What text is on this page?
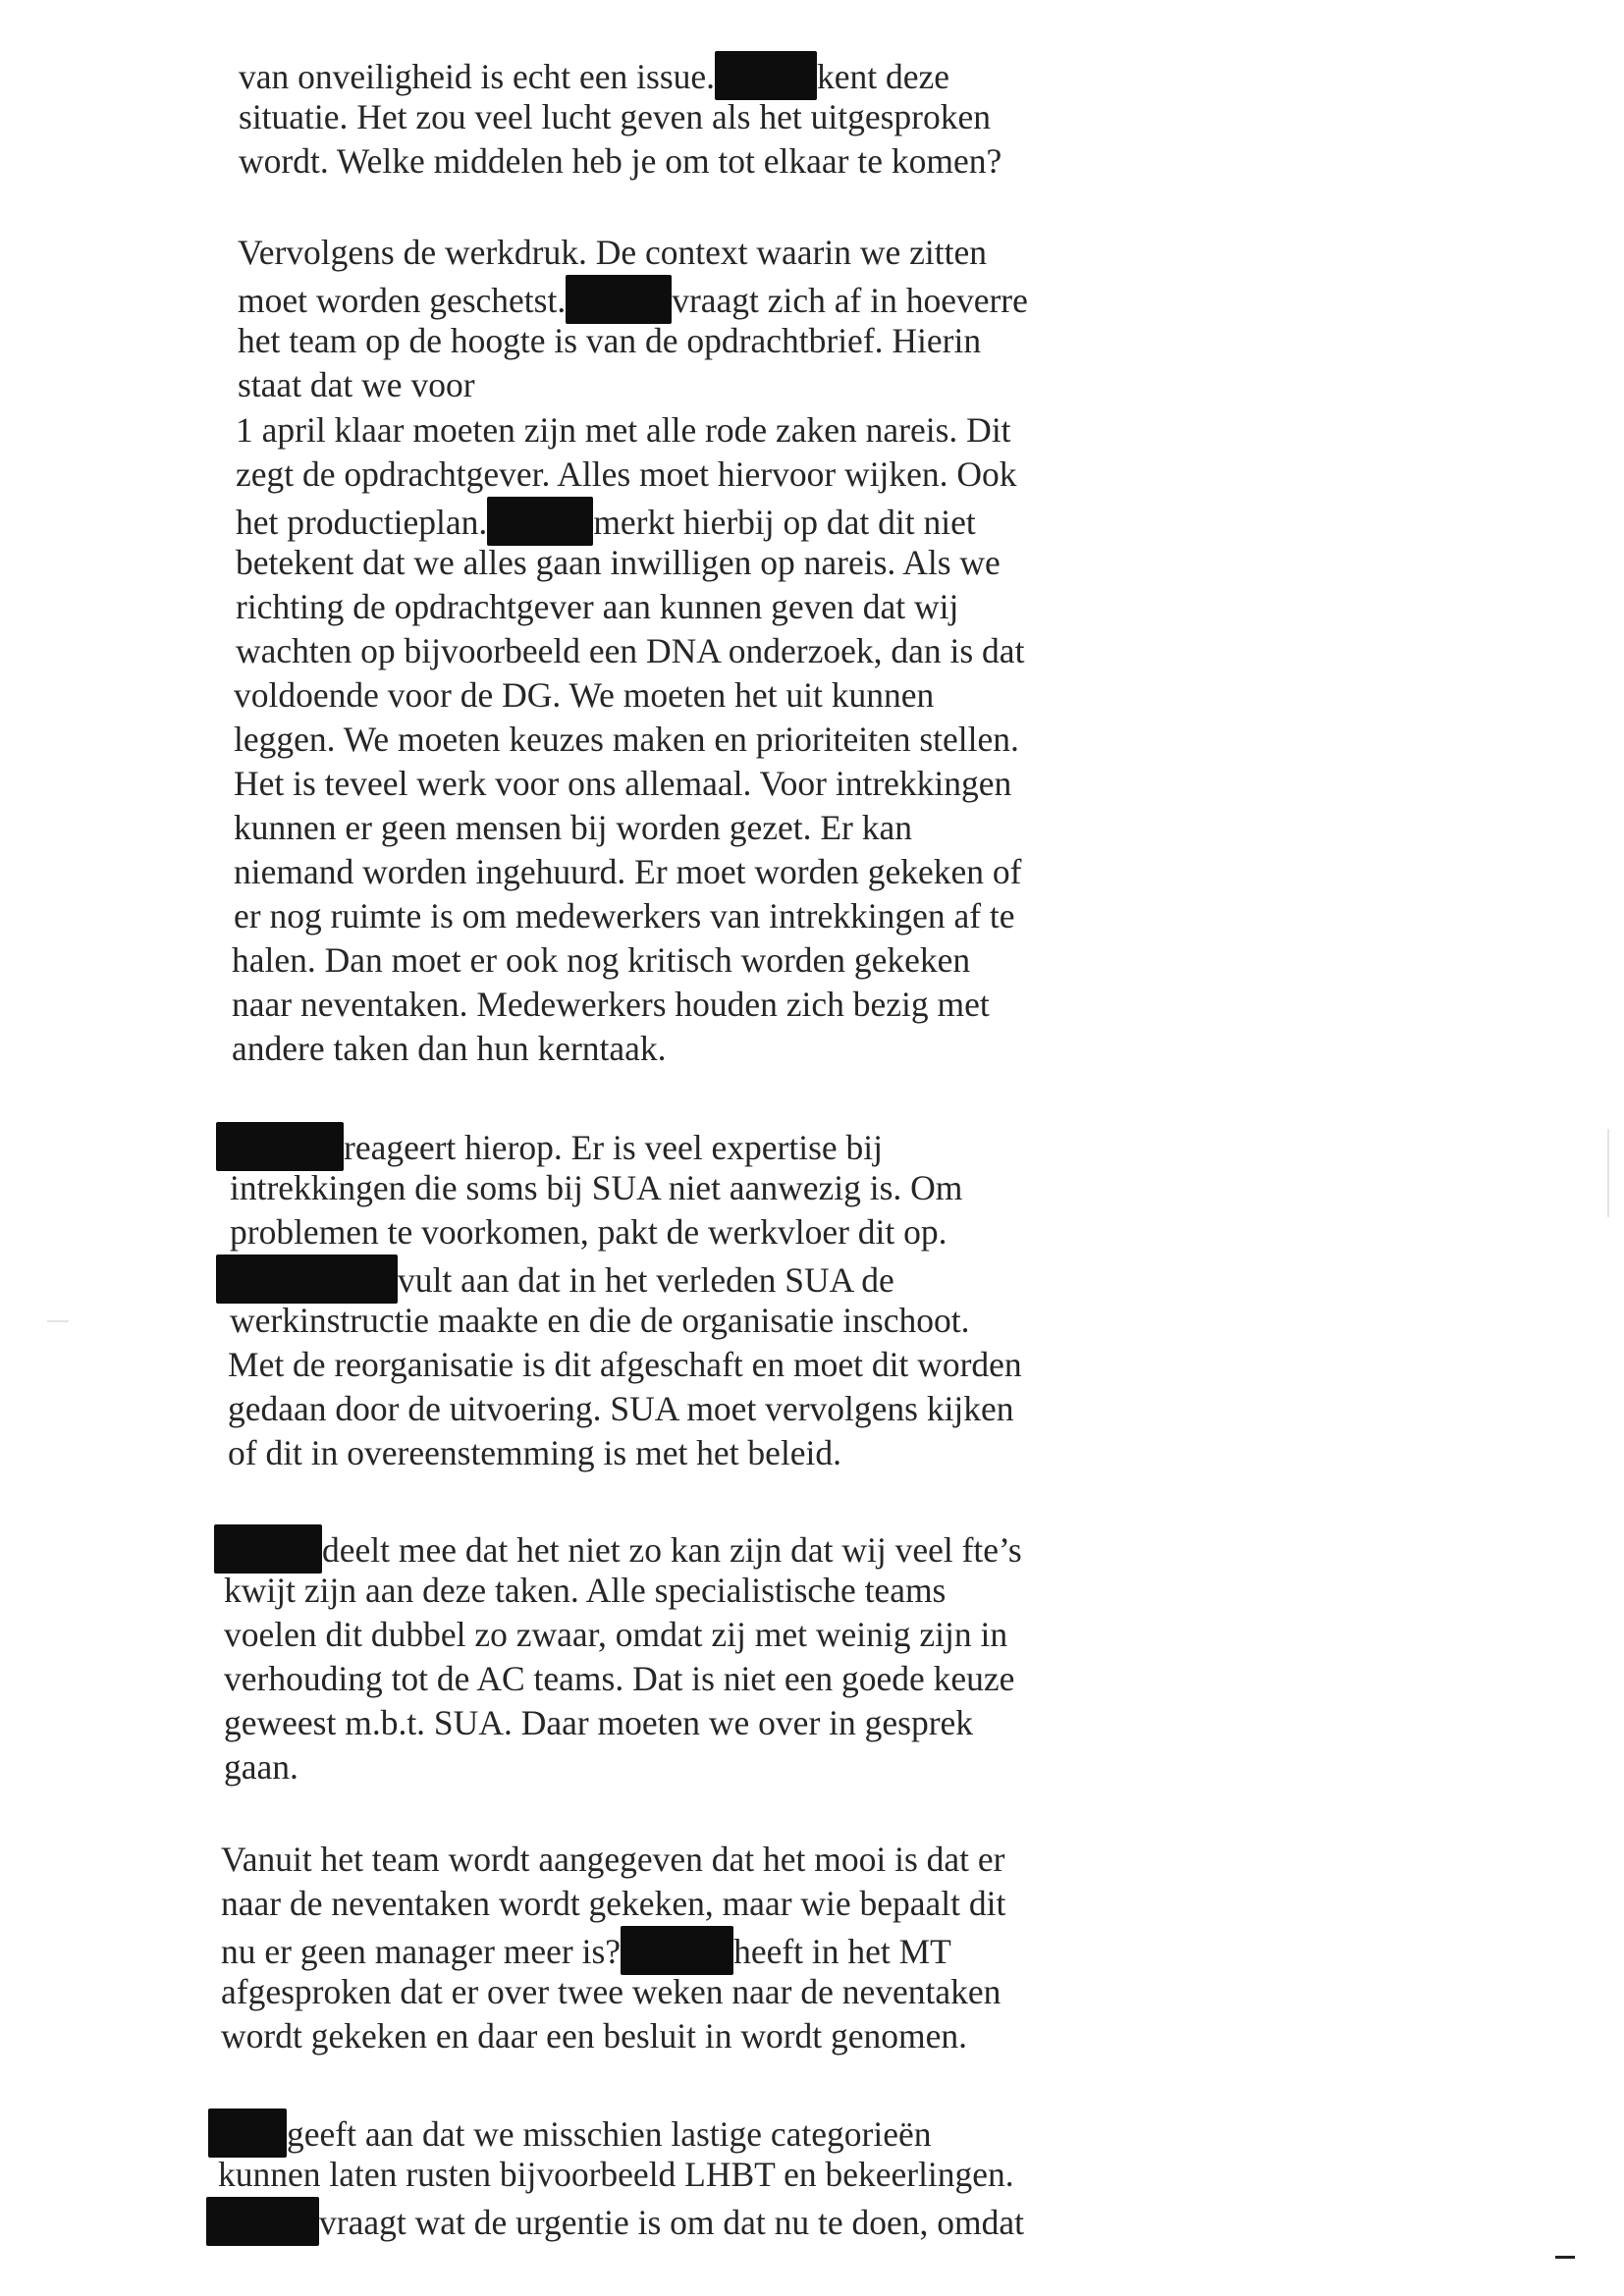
van onveiligheid is echt een issue.	kent deze
situatie. Het zou veel lucht geven als het uitgesproken
wordt. Welke middelen heb je om tot elkaar te komen?
Vervolgens de werkdruk. De context waarin we zitten
moet worden geschetst.	vraagt zich af in hoeverre
het team op de hoogte is van de opdrachtbrief. Hierin
staat dat we voor
1 april klaar moeten zijn met alle rode zaken nareis. Dit
zegt de opdrachtgever. Alles moet hiervoor wijken. Ook
het productieplan.	merkt hierbij op dat dit niet
betekent dat we alles gaan inwilligen op nareis. Als we
richting de opdrachtgever aan kunnen geven dat wij
wachten op bijvoorbeeld een DNA onderzoek, dan is dat
voldoende voor de DG. We moeten het uit kunnen
leggen. We moeten keuzes maken en prioriteiten stellen.
Het is teveel werk voor ons allemaal. Voor intrekkingen
kunnen er geen mensen bij worden gezet. Er kan
niemand worden ingehuurd. Er moet worden gekeken of
er nog ruimte is om medewerkers van intrekkingen af te
halen. Dan moet er ook nog kritisch worden gekeken
naar neventaken. Medewerkers houden zich bezig met
andere taken dan hun kerntaak.
reageert hierop. Er is veel expertise bij
intrekkingen die soms bij SUA niet aanwezig is. Om
problemen te voorkomen, pakt de werkvloer dit op.
vult aan dat in het verleden SUA de
werkinstructie maakte en die de organisatie inschoot.
Met de reorganisatie is dit afgeschaft en moet dit worden
gedaan door de uitvoering. SUA moet vervolgens kijken
of dit in overeenstemming is met het beleid.
deelt mee dat het niet zo kan zijn dat wij veel fte’s
kwijt zijn aan deze taken. Alle specialistische teams
voelen dit dubbel zo zwaar, omdat zij met weinig zijn in
verhouding tot de AC teams. Dat is niet een goede keuze
geweest m.b.t. SUA. Daar moeten we over in gesprek
gaan.
Vanuit het team wordt aangegeven dat het mooi is dat er
naar de neventaken wordt gekeken, maar wie bepaalt dit
nu er geen manager meer is?	heeft in het MT
afgesproken dat er over twee weken naar de neventaken
wordt gekeken en daar een besluit in wordt genomen.
geeft aan dat we misschien lastige categorieën
kunnen laten rusten bijvoorbeeld LHBT en bekeerlingen.
vraagt wat de urgentie is om dat nu te doen, omdat
